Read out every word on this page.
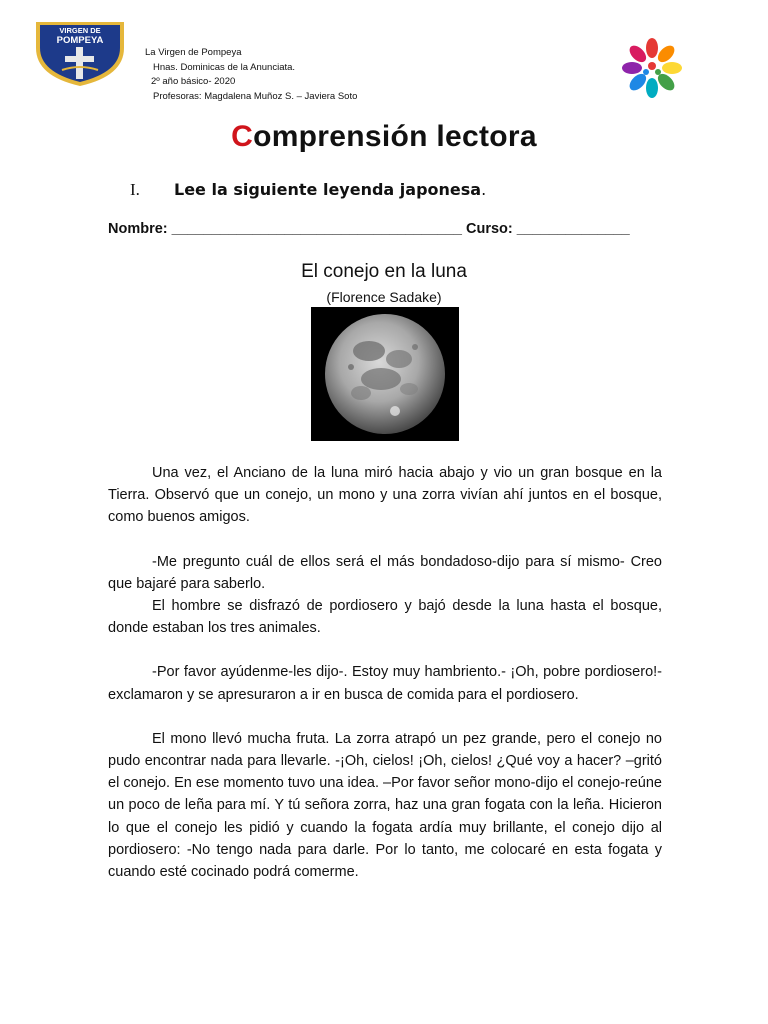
VIRGEN DE
POMPEYA
La Virgen de Pompeya
Hnas. Dominicas de la Anunciata.
2º año básico- 2020
Profesoras: Magdalena Muñoz S. – Javiera Soto
Comprensión lectora
I. Lee la siguiente leyenda japonesa.
Nombre: ____________________________________ Curso: ______________
El conejo en la luna
(Florence Sadake)

Una vez, el Anciano de la luna miró hacia abajo y vio un gran bosque en la Tierra. Observó que un conejo, un mono y una zorra vivían ahí juntos en el bosque, como buenos amigos.

-Me pregunto cuál de ellos será el más bondadoso-dijo para sí mismo- Creo que bajaré para saberlo.

El hombre se disfrazó de pordiosero y bajó desde la luna hasta el bosque, donde estaban los tres animales.

-Por favor ayúdenme-les dijo-. Estoy muy hambriento.- ¡Oh, pobre pordiosero!-exclamaron y se apresuraron a ir en busca de comida para el pordiosero.

El mono llevó mucha fruta. La zorra atrapó un pez grande, pero el conejo no pudo encontrar nada para llevarle. -¡Oh, cielos! ¡Oh, cielos! ¿Qué voy a hacer? –gritó el conejo. En ese momento tuvo una idea. –Por favor señor mono-dijo el conejo-reúne un poco de leña para mí. Y tú señora zorra, haz una gran fogata con la leña. Hicieron lo que el conejo les pidió y cuando la fogata ardía muy brillante, el conejo dijo al pordiosero: -No tengo nada para darle. Por lo tanto, me colocaré en esta fogata y cuando esté cocinado podrá comerme.
